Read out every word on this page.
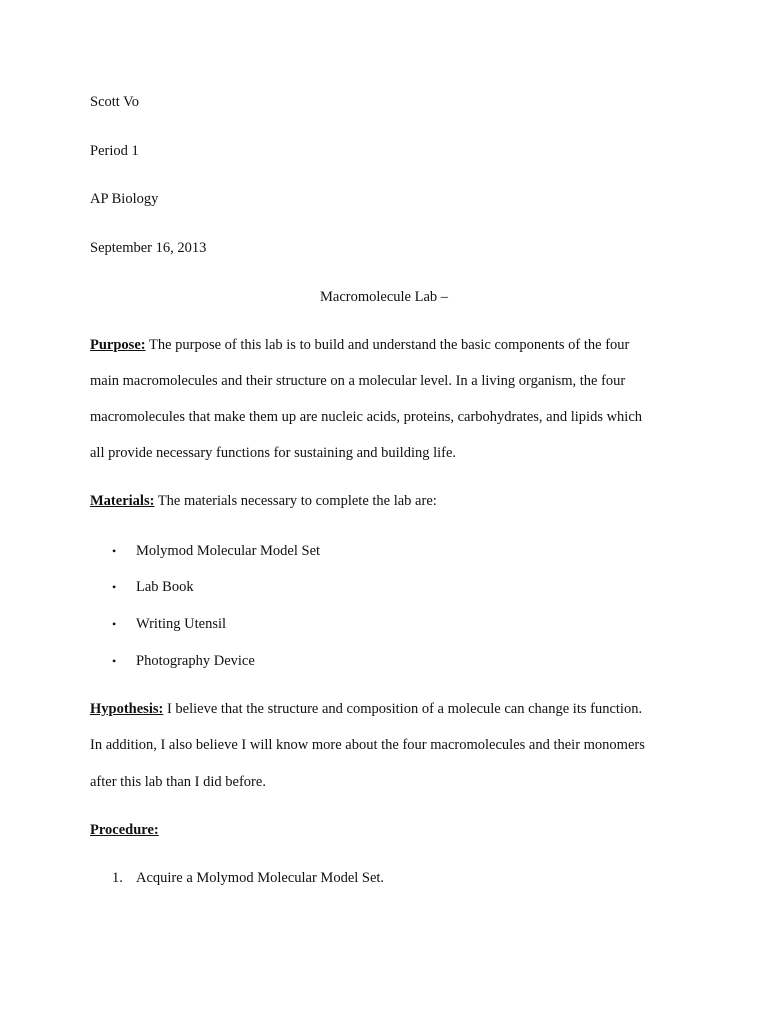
Scott Vo
Period 1
AP Biology
September 16, 2013
Macromolecule Lab –
Purpose: The purpose of this lab is to build and understand the basic components of the four
main macromolecules and their structure on a molecular level. In a living organism, the four
macromolecules that make them up are nucleic acids, proteins, carbohydrates, and lipids which
all provide necessary functions for sustaining and building life.
Materials: The materials necessary to complete the lab are:
•	Molymod Molecular Model Set
•	Lab Book
•	Writing Utensil
•	Photography Device
Hypothesis: I believe that the structure and composition of a molecule can change its function.
In addition, I also believe I will know more about the four macromolecules and their monomers
after this lab than I did before.
Procedure:
1. Acquire a Molymod Molecular Model Set.
